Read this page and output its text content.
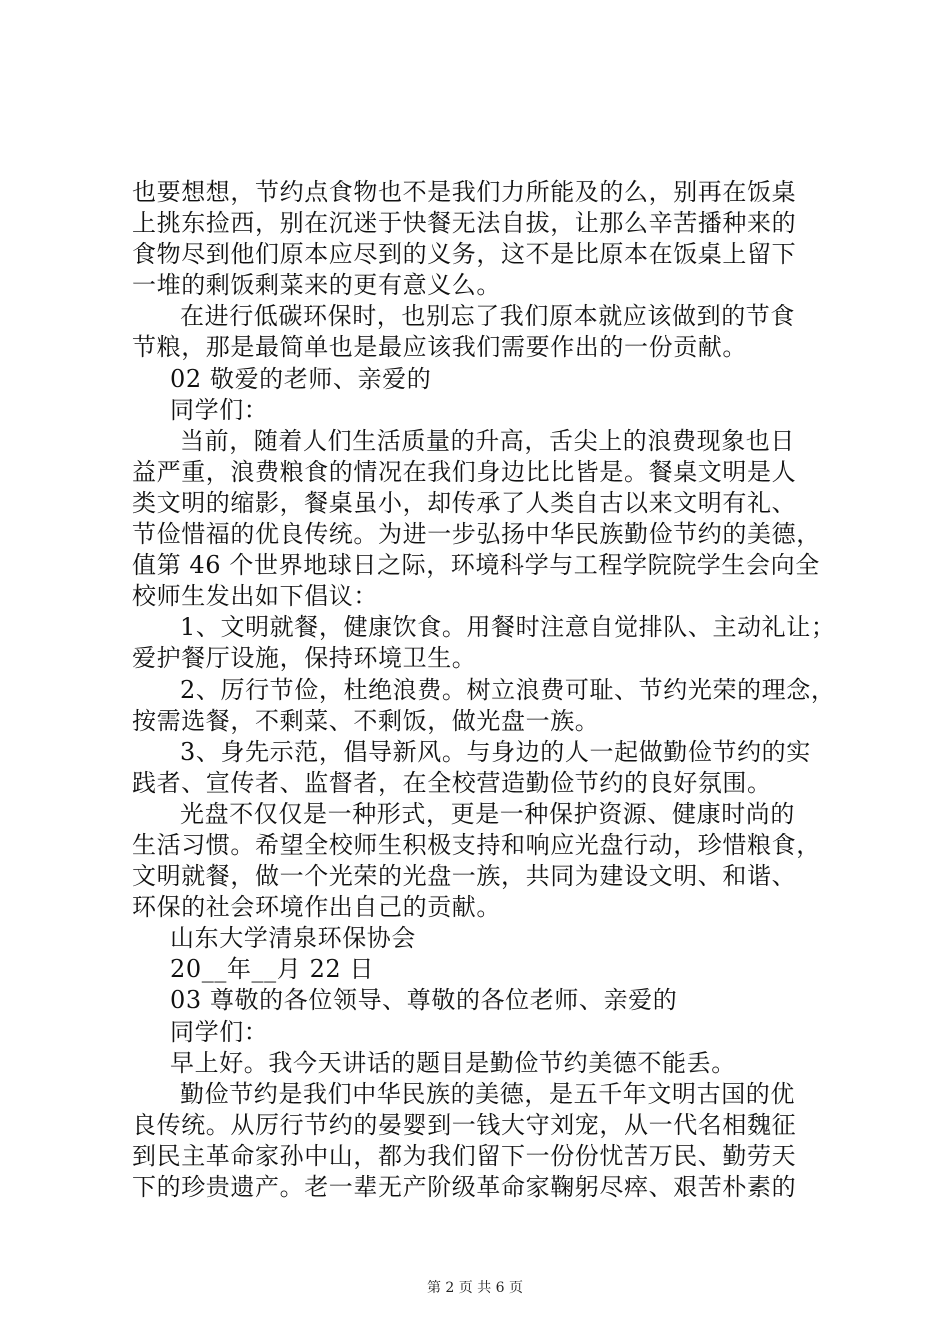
也要想想，节约点食物也不是我们力所能及的么，别再在饭桌
上挑东捡西，别在沉迷于快餐无法自拔，让那么辛苦播种来的
食物尽到他们原本应尽到的义务，这不是比原本在饭桌上留下
一堆的剩饭剩菜来的更有意义么。
在进行低碳环保时，也别忘了我们原本就应该做到的节食
节粮，那是最简单也是最应该我们需要作出的一份贡献。
02 敬爱的老师、亲爱的
同学们：
当前，随着人们生活质量的升高，舌尖上的浪费现象也日
益严重，浪费粮食的情况在我们身边比比皆是。餐桌文明是人
类文明的缩影，餐桌虽小，却传承了人类自古以来文明有礼、
节俭惜福的优良传统。为进一步弘扬中华民族勤俭节约的美德，
值第 46 个世界地球日之际，环境科学与工程学院院学生会向全
校师生发出如下倡议：
1、文明就餐，健康饮食。用餐时注意自觉排队、主动礼让；
爱护餐厅设施，保持环境卫生。
2、厉行节俭，杜绝浪费。树立浪费可耻、节约光荣的理念，
按需选餐，不剩菜、不剩饭，做光盘一族。
3、身先示范，倡导新风。与身边的人一起做勤俭节约的实
践者、宣传者、监督者，在全校营造勤俭节约的良好氛围。
光盘不仅仅是一种形式，更是一种保护资源、健康时尚的
生活习惯。希望全校师生积极支持和响应光盘行动，珍惜粮食，
文明就餐，做一个光荣的光盘一族，共同为建设文明、和谐、
环保的社会环境作出自己的贡献。
山东大学清泉环保协会
20__年__月 22 日
03 尊敬的各位领导、尊敬的各位老师、亲爱的
同学们：
早上好。我今天讲话的题目是勤俭节约美德不能丢。
勤俭节约是我们中华民族的美德，是五千年文明古国的优
良传统。从厉行节约的晏婴到一钱大守刘宠，从一代名相魏征
到民主革命家孙中山，都为我们留下一份份忧苦万民、勤劳天
下的珍贵遗产。老一辈无产阶级革命家鞠躬尽瘁、艰苦朴素的
第 2 页 共 6 页
